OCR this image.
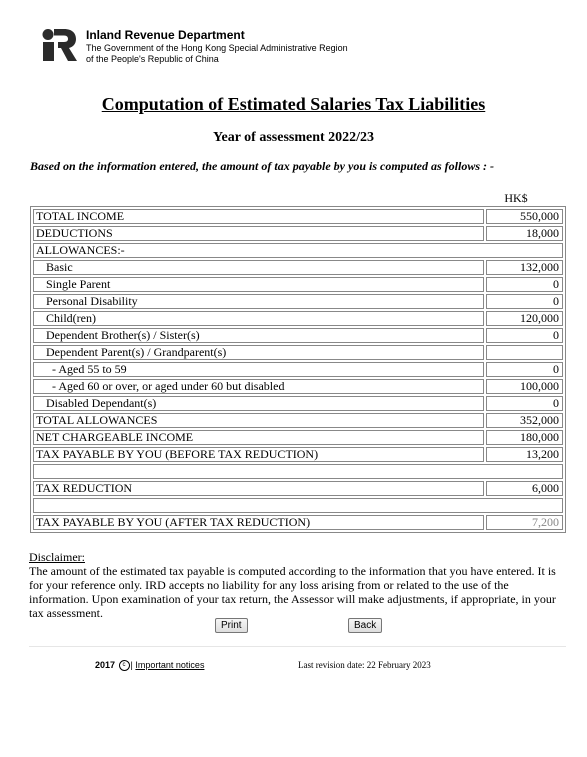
Inland Revenue Department
The Government of the Hong Kong Special Administrative Region
of the People's Republic of China
Computation of Estimated Salaries Tax Liabilities
Year of assessment 2022/23
Based on the information entered, the amount of tax payable by you is computed as follows : -
HK$
TOTAL INCOME	550,000
DEDUCTIONS	18,000
ALLOWANCES:-	
Basic	132,000
Single Parent	0
Personal Disability	0
Child(ren)	120,000
Dependent Brother(s) / Sister(s)	0
Dependent Parent(s) / Grandparent(s)	
- Aged 55 to 59	0
- Aged 60 or over, or aged under 60 but disabled	100,000
Disabled Dependant(s)	0
TOTAL ALLOWANCES	352,000
NET CHARGEABLE INCOME	180,000
TAX PAYABLE BY YOU (BEFORE TAX REDUCTION)	13,200

TAX REDUCTION	6,000

TAX PAYABLE BY YOU (AFTER TAX REDUCTION)	7,200
Disclaimer:
The amount of the estimated tax payable is computed according to the information that you have entered. It is for your reference only. IRD accepts no liability for any loss arising from or related to the use of the information. Upon examination of your tax return, the Assessor will make adjustments, if appropriate, in your tax assessment.
Print	Back
2017 c | Important notices	Last revision date: 22 February 2023
